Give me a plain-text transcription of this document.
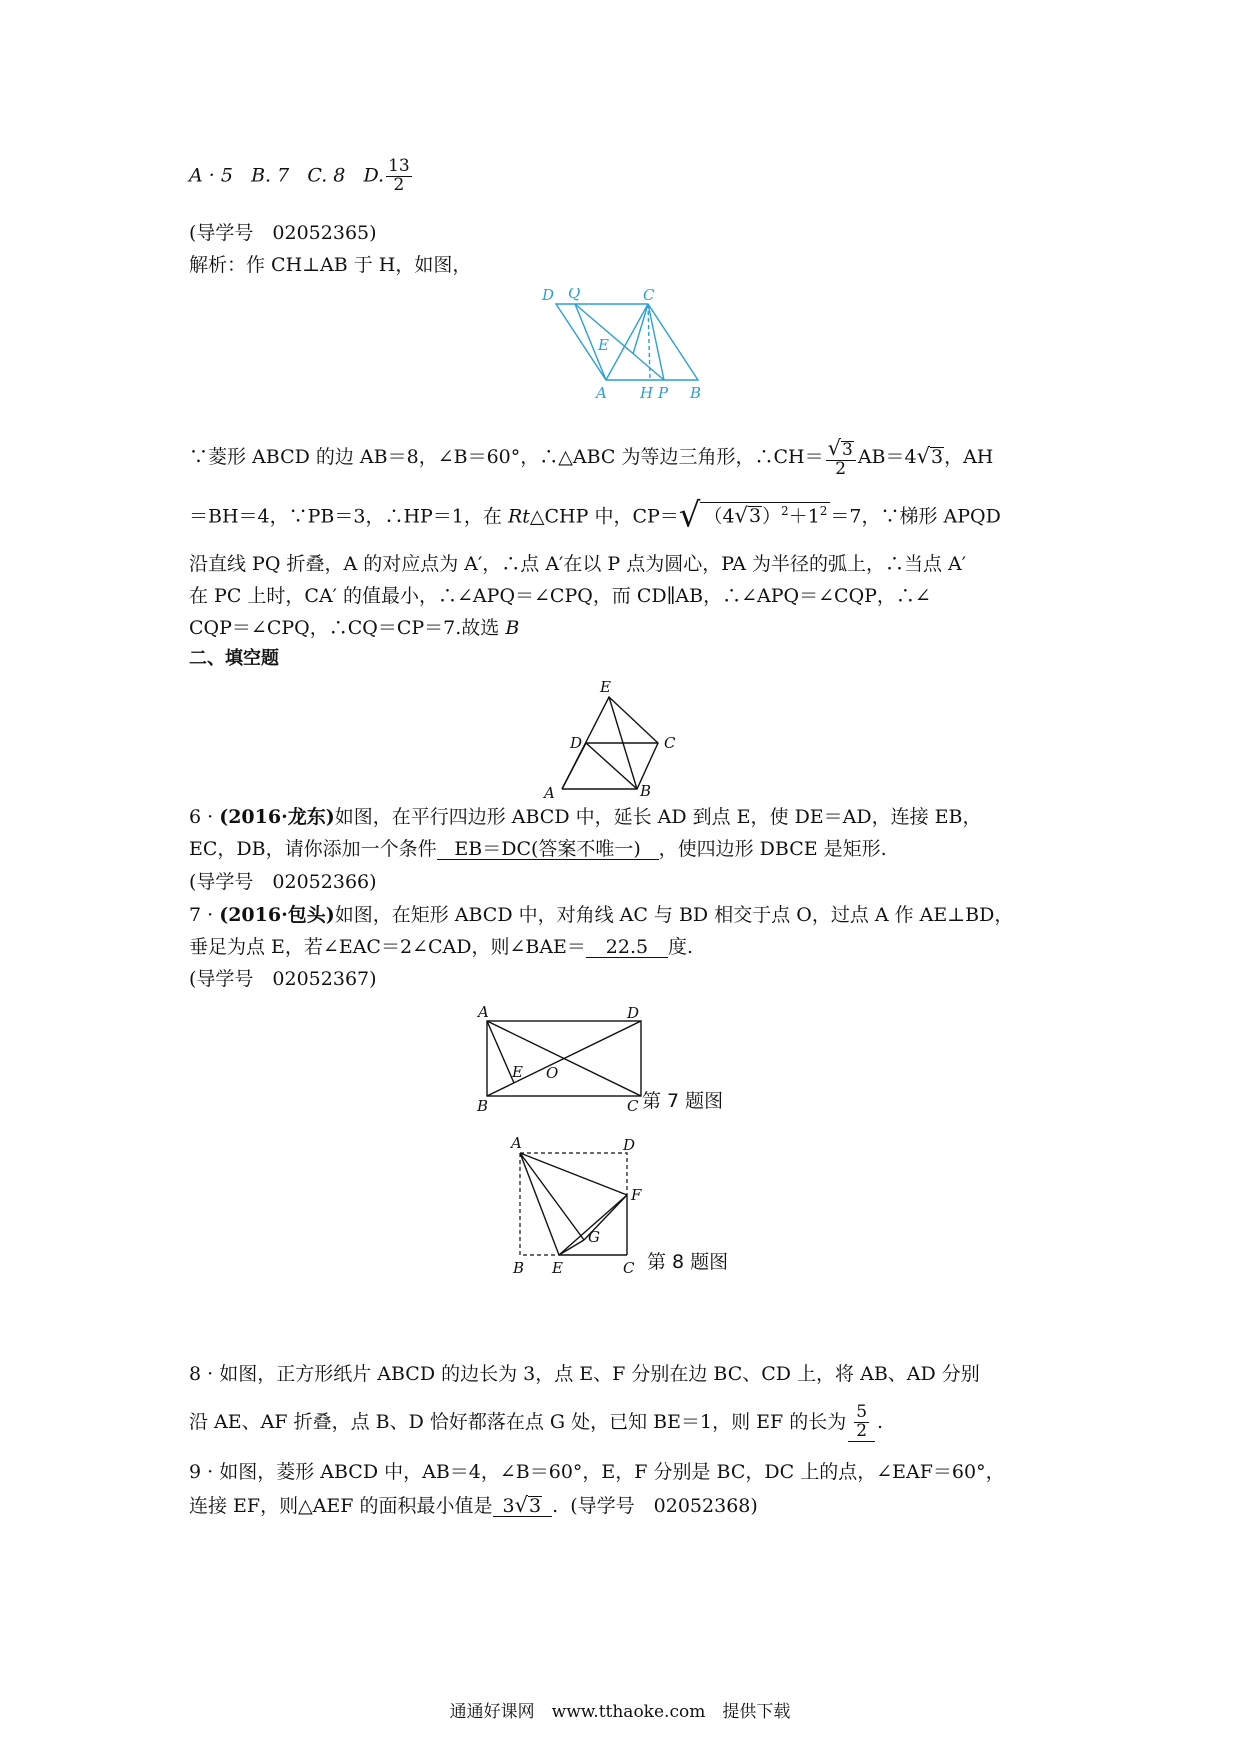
A · 5 B. 7 C. 8 D. $\frac{13}{2}$
(导学号　02052365)
解析：作 CH⊥AB 于 H，如图，
D Q	C
E
A H P B
∵菱形 ABCD 的边 AB＝8，∠B＝60°，∴△ABC 为等边三角形，∴CH＝ $\frac{√3}{2} AB=4√3$，AH
＝BH＝4，∵PB＝3，∴HP＝1，在 Rt△CHP 中，CP＝√ $(4√3)^2+1^2 =7$，∵梯形 APQD
沿直线 PQ 折叠，A 的对应点为 A′，∴点 A′在以 P 点为圆心，PA 为半径的弧上，∴当点 A′
在 PC 上时，CA′ 的值最小，∴∠APQ＝∠CPQ，而 CD∥AB，∴∠APQ＝∠CQP，∴∠
CQP＝∠CPQ，∴CQ＝CP＝7.故选 B
二、填空题
E
D	C
A	B
6 · (2016·龙东)如图，在平行四边形 ABCD 中，延长 AD 到点 E，使 DE＝AD，连接 EB，
EC，DB，请你添加一个条件 EB＝DC(答案不唯一) ，使四边形 DBCE 是矩形.
(导学号　02052366)
7 · (2016·包头)如图，在矩形 ABCD 中，对角线 AC 与 BD 相交于点 O，过点 A 作 AE⊥BD，
垂足为点 E，若∠EAC＝2∠CAD，则∠BAE＝ 22.5 度.
(导学号　02052367)
A	D
E O
B	C 第 7 题图
A	D
F
G
B E	C 第 8 题图
8 · 如图，正方形纸片 ABCD 的边长为 3，点 E、F 分别在边 BC、CD 上，将 AB、AD 分别
沿 AE、AF 折叠，点 B、D 恰好都落在点 G 处，已知 BE＝1，则 EF 的长为 $\frac{5}{2}$ .
9 · 如图，菱形 ABCD 中，AB＝4，∠B＝60°，E，F 分别是 BC，DC 上的点，∠EAF＝60°，
连接 EF，则△AEF 的面积最小值是 3√3 . (导学号　02052368)
通通好课网　www.tthaoke.com　提供下载
